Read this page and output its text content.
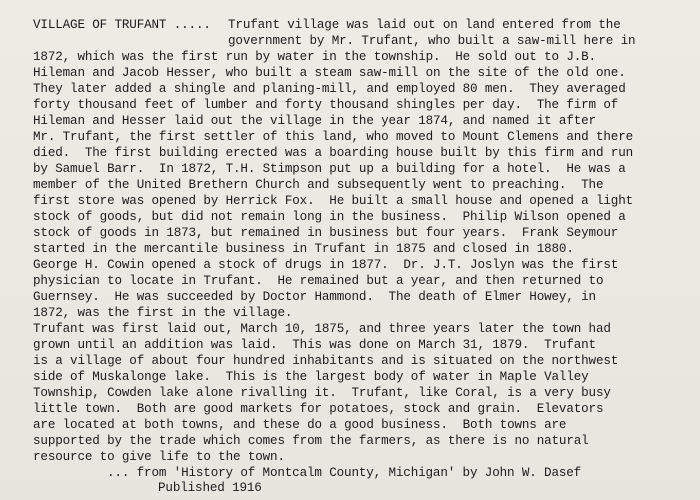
VILLAGE OF TRUFANT ..... Trufant village was laid out on land entered from the
government by Mr. Trufant, who built a saw-mill here in
1872, which was the first run by water in the township.  He sold out to J.B.
Hileman and Jacob Hesser, who built a steam saw-mill on the site of the old one.
They later added a shingle and planing-mill, and employed 80 men.  They averaged
forty thousand feet of lumber and forty thousand shingles per day.  The firm of
Hileman and Hesser laid out the village in the year 1874, and named it after
Mr. Trufant, the first settler of this land, who moved to Mount Clemens and there
died.  The first building erected was a boarding house built by this firm and run
by Samuel Barr.  In 1872, T.H. Stimpson put up a building for a hotel.  He was a
member of the United Brethern Church and subsequently went to preaching.  The
first store was opened by Herrick Fox.  He built a small house and opened a light
stock of goods, but did not remain long in the business.  Philip Wilson opened a
stock of goods in 1873, but remained in business but four years.  Frank Seymour
started in the mercantile business in Trufant in 1875 and closed in 1880.
George H. Cowin opened a stock of drugs in 1877.  Dr. J.T. Joslyn was the first
physician to locate in Trufant.  He remained but a year, and then returned to
Guernsey.  He was succeeded by Doctor Hammond.  The death of Elmer Howey, in
1872, was the first in the village.
Trufant was first laid out, March 10, 1875, and three years later the town had
grown until an addition was laid.  This was done on March 31, 1879.  Trufant
is a village of about four hundred inhabitants and is situated on the northwest
side of Muskalonge lake.  This is the largest body of water in Maple Valley
Township, Cowden lake alone rivalling it.  Trufant, like Coral, is a very busy
little town.  Both are good markets for potatoes, stock and grain.  Elevators
are located at both towns, and these do a good business.  Both towns are
supported by the trade which comes from the farmers, as there is no natural
resource to give life to the town.
... from 'History of Montcalm County, Michigan' by John W. Dasef
Published 1916
